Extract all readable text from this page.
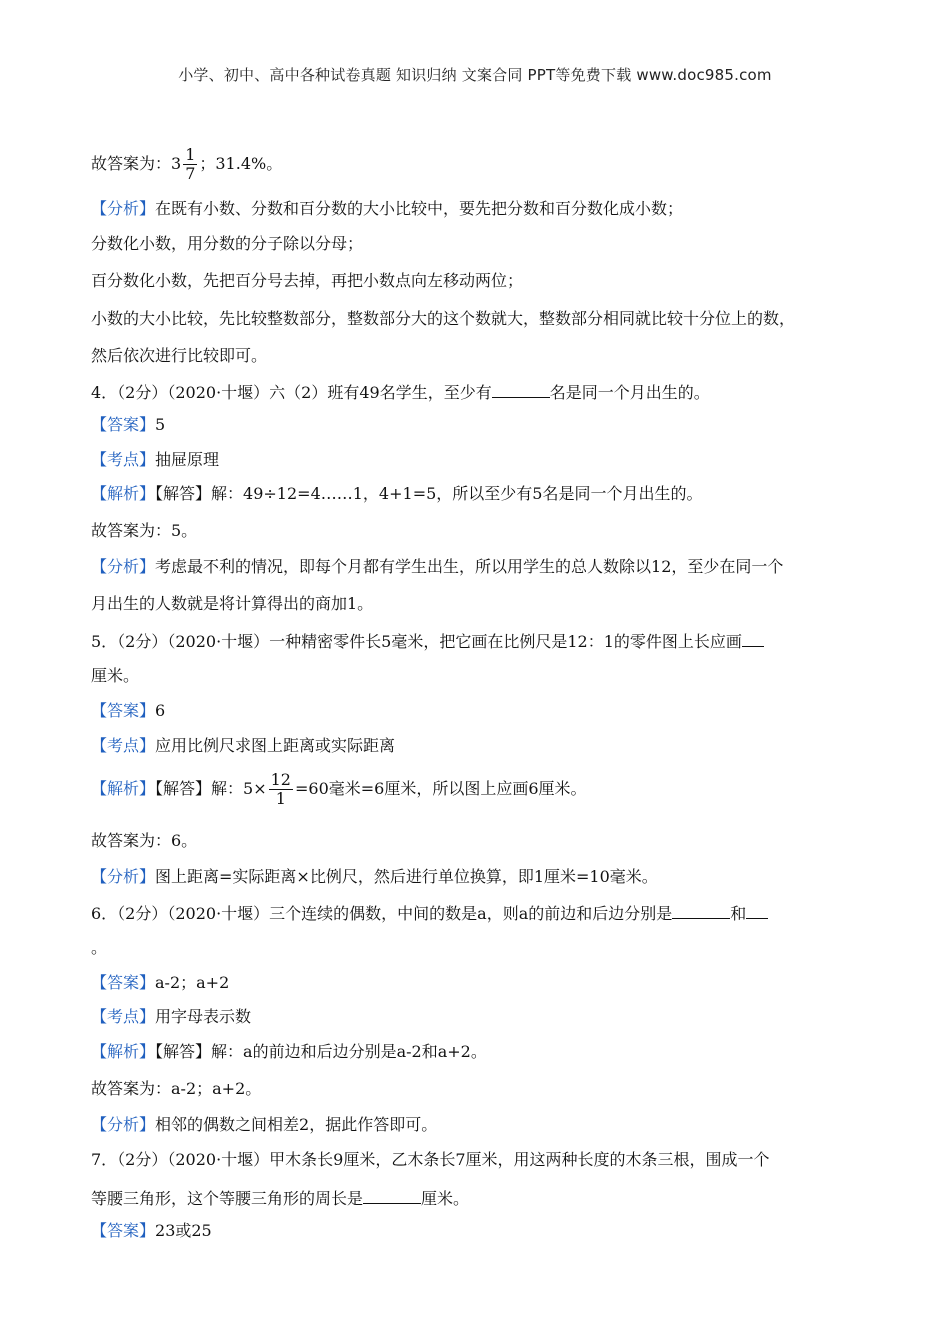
小学、初中、高中各种试卷真题 知识归纳 文案合同 PPT等免费下载 www.doc985.com
故答案为：$3 \frac{1}{7}$ ；31.4%。
【分析】在既有小数、分数和百分数的大小比较中，要先把分数和百分数化成小数；
分数化小数，用分数的分子除以分母；
百分数化小数，先把百分号去掉，再把小数点向左移动两位；
小数的大小比较，先比较整数部分，整数部分大的这个数就大，整数部分相同就比较十分位上的数，
然后依次进行比较即可。
4．（2分）（2020·十堰）六（2）班有49名学生，至少有	名是同一个月出生的。
【答案】5
【考点】抽屉原理
【解析】【解答】解：49÷12=4……1，4+1=5，所以至少有5名是同一个月出生的。
故答案为：5。
【分析】考虑最不利的情况，即每个月都有学生出生，所以用学生的总人数除以12，至少在同一个
月出生的人数就是将计算得出的商加1。
5．（2分）（2020·十堰）一种精密零件长5毫米，把它画在比例尺是12：1的零件图上长应画
厘米。
【答案】6
【考点】应用比例尺求图上距离或实际距离
【解析】【解答】解：$5\times \frac{12}{1} =60$毫米=6厘米，所以图上应画6厘米。
故答案为：6。
【分析】图上距离=实际距离×比例尺，然后进行单位换算，即1厘米=10毫米。
6．（2分）（2020·十堰）三个连续的偶数，中间的数是a，则a的前边和后边分别是	和
。
【答案】a-2；a+2
【考点】用字母表示数
【解析】【解答】解：a的前边和后边分别是a-2和a+2。
故答案为：a-2；a+2。
【分析】相邻的偶数之间相差2，据此作答即可。
7．（2分）（2020·十堰）甲木条长9厘米，乙木条长7厘米，用这两种长度的木条三根，围成一个
等腰三角形，这个等腰三角形的周长是	厘米。
【答案】23或25
